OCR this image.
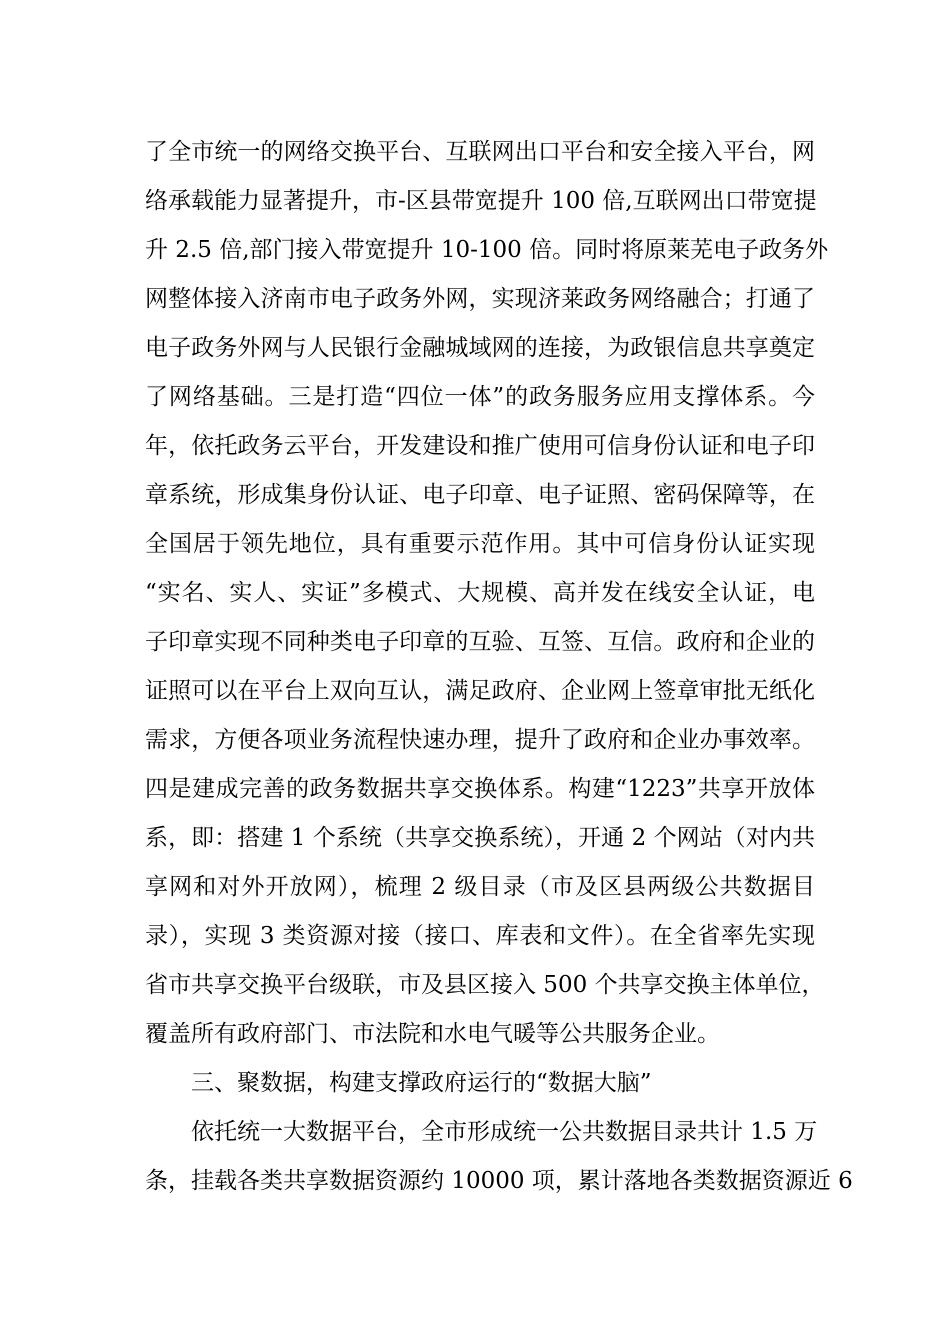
了全市统一的网络交换平台、互联网出口平台和安全接入平台，网
络承载能力显著提升，市-区县带宽提升 100 倍,互联网出口带宽提
升 2.5 倍,部门接入带宽提升 10-100 倍。同时将原莱芜电子政务外
网整体接入济南市电子政务外网，实现济莱政务网络融合；打通了
电子政务外网与人民银行金融城域网的连接，为政银信息共享奠定
了网络基础。三是打造“四位一体”的政务服务应用支撑体系。今
年，依托政务云平台，开发建设和推广使用可信身份认证和电子印
章系统，形成集身份认证、电子印章、电子证照、密码保障等，在
全国居于领先地位，具有重要示范作用。其中可信身份认证实现
“实名、实人、实证”多模式、大规模、高并发在线安全认证，电
子印章实现不同种类电子印章的互验、互签、互信。政府和企业的
证照可以在平台上双向互认，满足政府、企业网上签章审批无纸化
需求，方便各项业务流程快速办理，提升了政府和企业办事效率。
四是建成完善的政务数据共享交换体系。构建“1223”共享开放体
系，即：搭建 1 个系统（共享交换系统），开通 2 个网站（对内共
享网和对外开放网），梳理 2 级目录（市及区县两级公共数据目
录），实现 3 类资源对接（接口、库表和文件）。在全省率先实现
省市共享交换平台级联，市及县区接入 500 个共享交换主体单位，
覆盖所有政府部门、市法院和水电气暖等公共服务企业。
三、聚数据，构建支撑政府运行的“数据大脑”
依托统一大数据平台，全市形成统一公共数据目录共计 1.5 万
条，挂载各类共享数据资源约 10000 项，累计落地各类数据资源近 6
